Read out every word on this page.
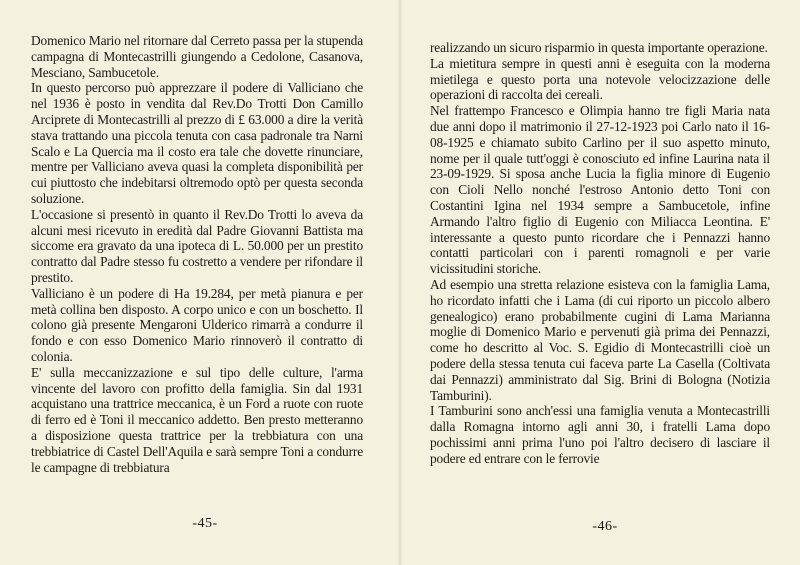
Domenico Mario nel ritornare dal Cerreto passa per la stupenda campagna di Montecastrilli giungendo a Cedolone, Casanova, Mesciano, Sambucetole.

In questo percorso può apprezzare il podere di Valliciano che nel 1936 è posto in vendita dal Rev.Do Trotti Don Camillo Arciprete di Montecastrilli al prezzo di £ 63.000 a dire la verità stava trattando una piccola tenuta con casa padronale tra Narni Scalo e La Quercia ma il costo era tale che dovette rinunciare, mentre per Valliciano aveva quasi la completa disponibilità per cui piuttosto che indebitarsi oltremodo optò per questa seconda soluzione.

L'occasione si presentò in quanto il Rev.Do Trotti lo aveva da alcuni mesi ricevuto in eredità dal Padre Giovanni Battista ma siccome era gravato da una ipoteca di L. 50.000 per un prestito contratto dal Padre stesso fu costretto a vendere per rifondare il prestito.

Valliciano è un podere di Ha 19.284, per metà pianura e per metà collina ben disposto. A corpo unico e con un boschetto. Il colono già presente Mengaroni Ulderico rimarrà a condurre il fondo e con esso Domenico Mario rinnoverò il contratto di colonia.

E' sulla meccanizzazione e sul tipo delle culture, l'arma vincente del lavoro con profitto della famiglia. Sin dal 1931 acquistano una trattrice meccanica, è un Ford a ruote con ruote di ferro ed è Toni il meccanico addetto. Ben presto metteranno a disposizione questa trattrice per la trebbiatura con una trebbiatrice di Castel Dell'Aquila e sarà sempre Toni a condurre le campagne di trebbiatura

-45-

realizzando un sicuro risparmio in questa importante operazione.

La mietitura sempre in questi anni è eseguita con la moderna mietilega e questo porta una notevole velocizzazione delle operazioni di raccolta dei cereali.

Nel frattempo Francesco e Olimpia hanno tre figli Maria nata due anni dopo il matrimonio il 27-12-1923 poi Carlo nato il 16-08-1925 e chiamato subito Carlino per il suo aspetto minuto, nome per il quale tutt'oggi è conosciuto ed infine Laurina nata il 23-09-1929. Si sposa anche Lucia la figlia minore di Eugenio con Cioli Nello nonché l'estroso Antonio detto Toni con Costantini Igina nel 1934 sempre a Sambucetole, infine Armando l'altro figlio di Eugenio con Miliacca Leontina. E' interessante a questo punto ricordare che i Pennazzi hanno contatti particolari con i parenti romagnoli e per varie vicissitudini storiche.

Ad esempio una stretta relazione esisteva con la famiglia Lama, ho ricordato infatti che i Lama (di cui riporto un piccolo albero genealogico) erano probabilmente cugini di Lama Marianna moglie di Domenico Mario e pervenuti già prima dei Pennazzi, come ho descritto al Voc. S. Egidio di Montecastrilli cioè un podere della stessa tenuta cui faceva parte La Casella (Coltivata dai Pennazzi) amministrato dal Sig. Brini di Bologna (Notizia Tamburini).

I Tamburini sono anch'essi una famiglia venuta a Montecastrilli dalla Romagna intorno agli anni 30, i fratelli Lama dopo pochissimi anni prima l'uno poi l'altro decisero di lasciare il podere ed entrare con le ferrovie

-46-
